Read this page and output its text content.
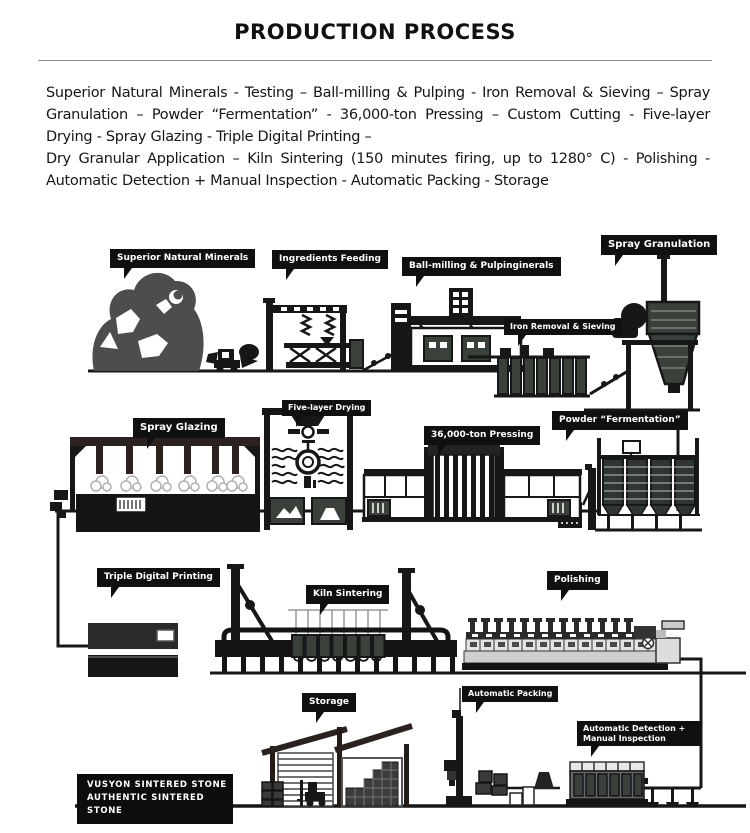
PRODUCTION PROCESS

Superior Natural Minerals - Testing – Ball-milling & Pulping - Iron Removal & Sieving – Spray Granulation – Powder “Fermentation” - 36,000-ton Pressing – Custom Cutting - Five-layer Drying - Spray Glazing - Triple Digital Printing –

Dry Granular Application – Kiln Sintering (150 minutes firing, up to 1280° C) - Polishing - Automatic Detection + Manual Inspection - Automatic Packing - Storage

Superior Natural Minerals	Ingredients Feeding
Ball-milling & Pulpinginerals
Iron Removal & Sieving
Spray Granulation
Spray Glazing
Five-layer Drying
36,000-ton Pressing
Powder “Fermentation”
Triple Digital Printing
Kiln Sintering
Polishing
Storage
Automatic Packing
Automatic Detection +
Manual Inspection
VUSYON SINTERED STONE
AUTHENTIC SINTERED STONE
